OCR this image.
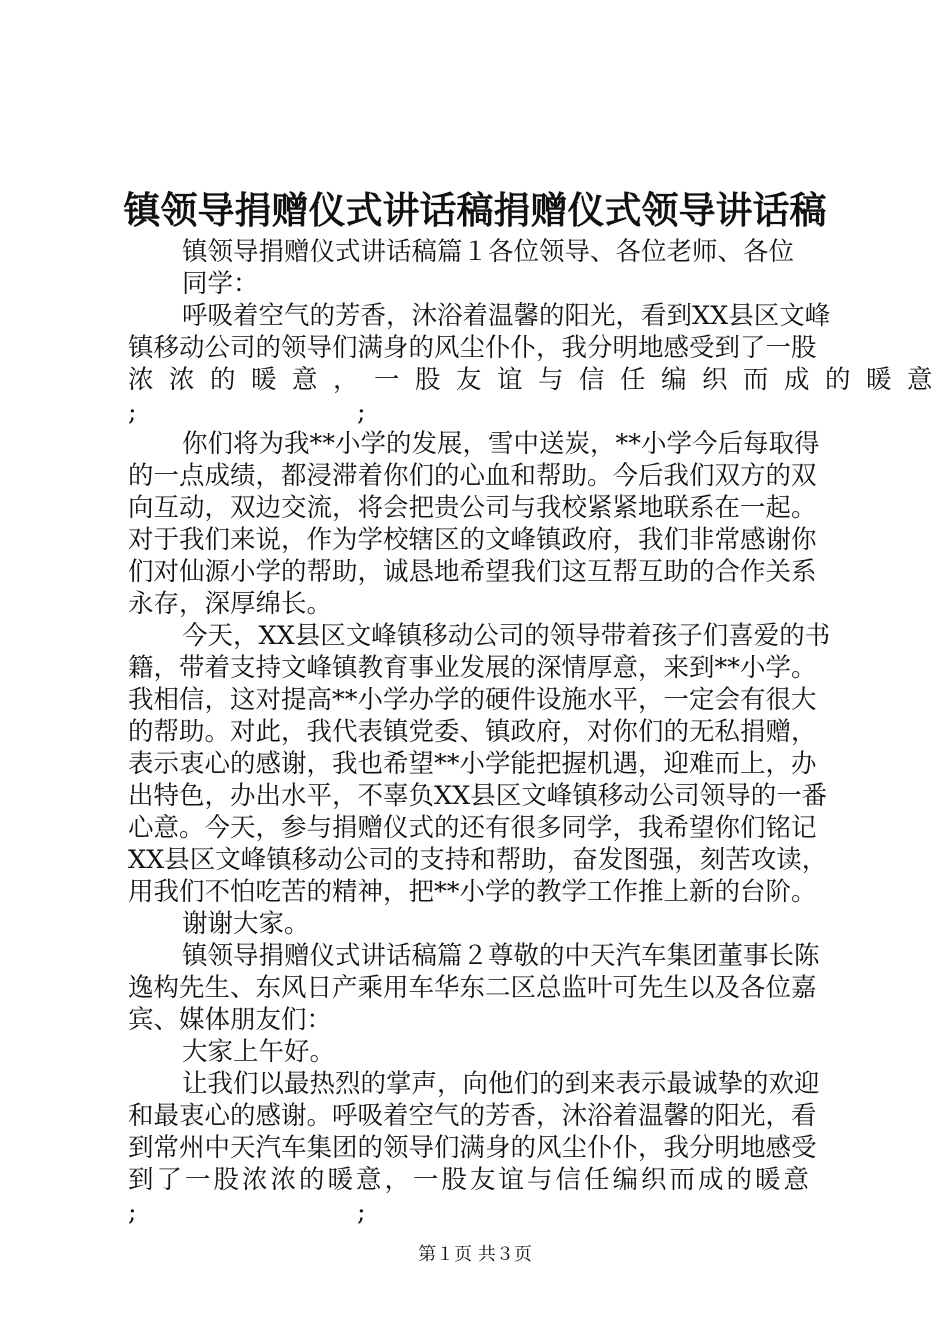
镇领导捐赠仪式讲话稿捐赠仪式领导讲话稿
镇领导捐赠仪式讲话稿篇１各位领导、各位老师、各位
同学：
呼吸着空气的芳香，沐浴着温馨的阳光，看到XX县区文峰
镇移动公司的领导们满身的风尘仆仆，我分明地感受到了一股
浓浓的暖意，一股友谊与信任编织而成的暖意
;	;
你们将为我**小学的发展，雪中送炭，**小学今后每取得
的一点成绩，都浸滞着你们的心血和帮助。今后我们双方的双
向互动，双边交流，将会把贵公司与我校紧紧地联系在一起。
对于我们来说，作为学校辖区的文峰镇政府，我们非常感谢你
们对仙源小学的帮助，诚恳地希望我们这互帮互助的合作关系
永存，深厚绵长。
今天，XX县区文峰镇移动公司的领导带着孩子们喜爱的书
籍，带着支持文峰镇教育事业发展的深情厚意，来到**小学。
我相信，这对提高**小学办学的硬件设施水平，一定会有很大
的帮助。对此，我代表镇党委、镇政府，对你们的无私捐赠，
表示衷心的感谢，我也希望**小学能把握机遇，迎难而上，办
出特色，办出水平，不辜负XX县区文峰镇移动公司领导的一番
心意。今天，参与捐赠仪式的还有很多同学，我希望你们铭记
XX县区文峰镇移动公司的支持和帮助，奋发图强，刻苦攻读，
用我们不怕吃苦的精神，把**小学的教学工作推上新的台阶。
谢谢大家。
镇领导捐赠仪式讲话稿篇２尊敬的中天汽车集团董事长陈
逸构先生、东风日产乘用车华东二区总监叶可先生以及各位嘉
宾、媒体朋友们：
大家上午好。
让我们以最热烈的掌声，向他们的到来表示最诚挚的欢迎
和最衷心的感谢。呼吸着空气的芳香，沐浴着温馨的阳光，看
到常州中天汽车集团的领导们满身的风尘仆仆，我分明地感受
到了一股浓浓的暖意，一股友谊与信任编织而成的暖意
;	;
第１页 共３页
